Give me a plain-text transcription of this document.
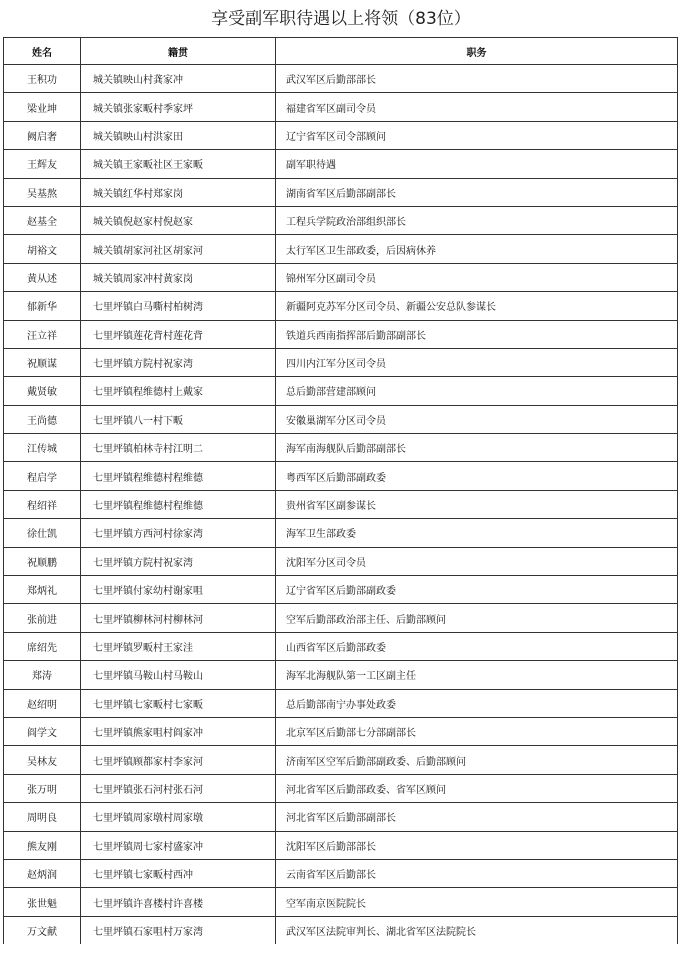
享受副军职待遇以上将领（83位）
姓名	籍贯	职务
王积功	城关镇映山村龚家冲	武汉军区后勤部部长
梁业坤	城关镇张家畈村季家坪	福建省军区副司令员
阙启奢	城关镇映山村洪家田	辽宁省军区司令部顾问
王辉友	城关镇王家畈社区王家畈	副军职待遇
吴基熬	城关镇红华村郑家岗	湖南省军区后勤部副部长
赵基全	城关镇倪赵家村倪赵家	工程兵学院政治部组织部长
胡裕文	城关镇胡家河社区胡家河	太行军区卫生部政委，后因病休养
黄从述	城关镇周家冲村黄家岗	锦州军分区副司令员
郁新华	七里坪镇白马嘶村柏树湾	新疆阿克苏军分区司令员、新疆公安总队参谋长
汪立祥	七里坪镇莲花背村莲花背	铁道兵西南指挥部后勤部副部长
祝顺谋	七里坪镇方院村祝家湾	四川内江军分区司令员
戴贤敏	七里坪镇程维德村上戴家	总后勤部营建部顾问
王尚德	七里坪镇八一村下畈	安徽巢湖军分区司令员
江传城	七里坪镇柏林寺村江明二	海军南海舰队后勤部副部长
程启学	七里坪镇程维德村程维德	粤西军区后勤部副政委
程绍祥	七里坪镇程维德村程维德	贵州省军区副参谋长
徐仕凯	七里坪镇方西河村徐家湾	海军卫生部政委
祝顺鹏	七里坪镇方院村祝家湾	沈阳军分区司令员
郑炳礼	七里坪镇付家幼村谢家咀	辽宁省军区后勤部副政委
张前进	七里坪镇柳林河村柳林河	空军后勤部政治部主任、后勤部顾问
席绍先	七里坪镇罗畈村王家洼	山西省军区后勤部政委
郑涛	七里坪镇马鞍山村马鞍山	海军北海舰队第一工区副主任
赵绍明	七里坪镇七家畈村七家畈	总后勤部南宁办事处政委
阎学文	七里坪镇熊家咀村阎家冲	北京军区后勤部七分部副部长
吴林友	七里坪镇顾都家村李家河	济南军区空军后勤部副政委、后勤部顾问
张万明	七里坪镇张石河村张石河	河北省军区后勤部政委、省军区顾问
周明良	七里坪镇周家墩村周家墩	河北省军区后勤部副部长
熊友刚	七里坪镇周七家村盛家冲	沈阳军区后勤部部长
赵炳润	七里坪镇七家畈村西冲	云南省军区后勤部长
张世魁	七里坪镇许喜楼村许喜楼	空军南京医院院长
万文献	七里坪镇石家咀村万家湾	武汉军区法院审判长、湖北省军区法院院长
